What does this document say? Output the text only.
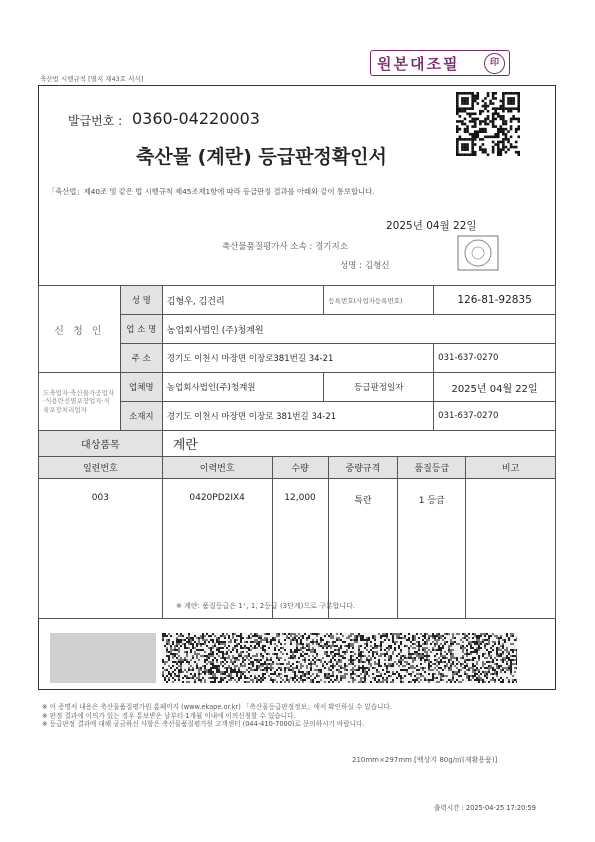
축산법 시행규칙 [별지 제43호 서식]
원본대조필	印
발급번호 : 0360-04220003
축산물 (계란) 등급판정확인서
「축산법」제40조 및 같은 법 시행규칙 제45조제1항에 따라 등급판정 결과를 아래와 같이 통보합니다.
2025년 04월 22일
축산물품질평가사 소속 : 경기지소
성명 : 김형신
신 청 인	성 명	김형우, 김건리	등록번호(사업자등록번호)	126-81-92835
	업 소 명	농업회사법인 (주)청계원		
	주 소	경기도 이천시 마장면 이장로381번길 34-21		031-637-0270
도축업자·축산물가공업자·식용란선별포장업자·식육포장처리업자	업체명	농업회사법인(주)청계원	등급판정일자	2025년 04월 22일
	소재지	경기도 이천시 마장면 이장로 381번길 34-21		031-637-0270
대상품목	계란				
일련번호	이력번호	수량	중량규격	품질등급	비고
003	0420PD2IX4	12,000	특란	1 등급	
※ 계란: 품질등급은 1⁺, 1, 2등급 (3단계)으로 구분합니다.
※ 이 증명서 내용은 축산물품질평가원 홈페이지 (www.ekape.or.kr) 「축산물등급판정정보」에서 확인하실 수 있습니다.
※ 판정 결과에 이의가 있는 경우 통보받은 날부터 1개월 이내에 이의신청할 수 있습니다.
※ 등급판정 결과에 대해 궁금하신 사항은 축산물품질평가원 고객센터 (044-410-7000)로 문의하시기 바랍니다.
210mm×297mm [백상지 80g/㎡(재활용품)]
출력시간 : 2025-04-25 17:20:59
